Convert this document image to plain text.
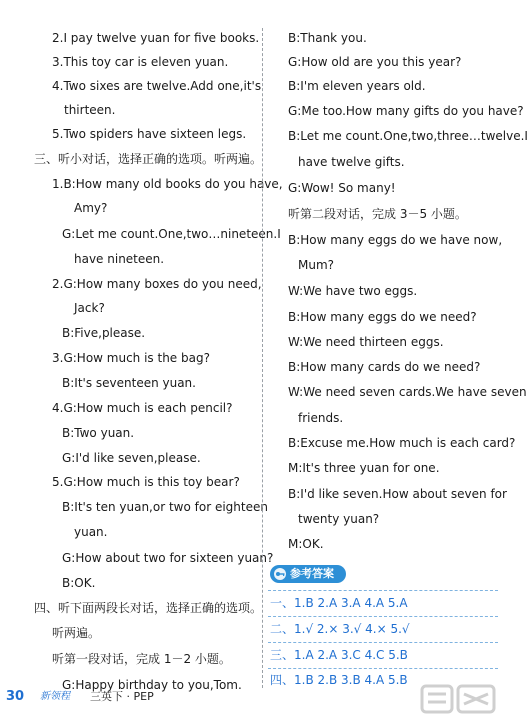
2.I pay twelve yuan for five books.
3.This toy car is eleven yuan.
4.Two sixes are twelve.Add one,it's
thirteen.
5.Two spiders have sixteen legs.
三、听小对话，选择正确的选项。听两遍。
1.B:How many old books do you have,
Amy?
G:Let me count.One,two…nineteen.I
have nineteen.
2.G:How many boxes do you need,
Jack?
B:Five,please.
3.G:How much is the bag?
B:It's seventeen yuan.
4.G:How much is each pencil?
B:Two yuan.
G:I'd like seven,please.
5.G:How much is this toy bear?
B:It's ten yuan,or two for eighteen
yuan.
G:How about two for sixteen yuan?
B:OK.
四、听下面两段长对话，选择正确的选项。
听两遍。
听第一段对话，完成 1－2 小题。
G:Happy birthday to you,Tom.
B:Thank you.
G:How old are you this year?
B:I'm eleven years old.
G:Me too.How many gifts do you have?
B:Let me count.One,two,three…twelve.I
have twelve gifts.
G:Wow! So many!
听第二段对话，完成 3－5 小题。
B:How many eggs do we have now,
Mum?
W:We have two eggs.
B:How many eggs do we need?
W:We need thirteen eggs.
B:How many cards do we need?
W:We need seven cards.We have seven
friends.
B:Excuse me.How much is each card?
M:It's three yuan for one.
B:I'd like seven.How about seven for
twenty yuan?
M:OK.
参考答案
一、1.B 2.A 3.A 4.A 5.A
二、1.√ 2.× 3.√ 4.× 5.√
三、1.A 2.A 3.C 4.C 5.B
四、1.B 2.B 3.B 4.A 5.B
30 新领程 三英下 · PEP
